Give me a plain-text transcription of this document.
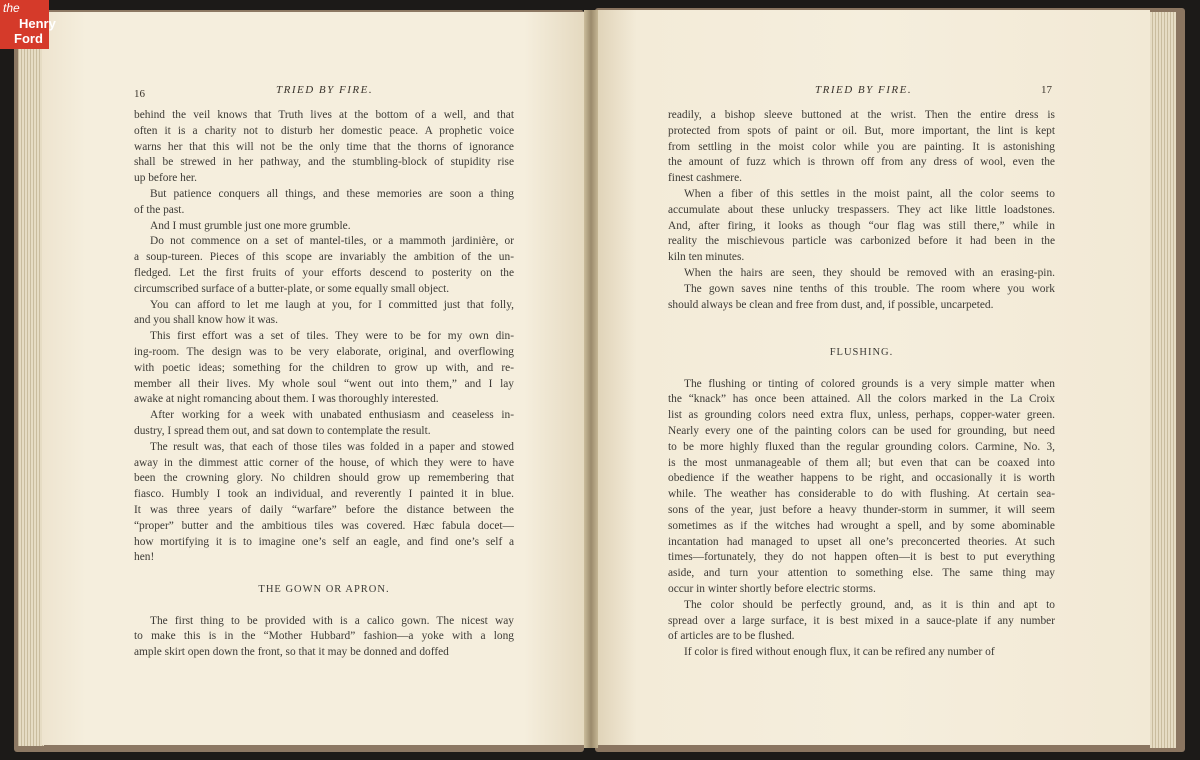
the
Henry
Ford
16	TRIED BY FIRE.	TRIED BY FIRE.	17
behind the veil knows that Truth lives at the bottom of a well, and that
often it is a charity not to disturb her domestic peace. A prophetic voice
warns her that this will not be the only time that the thorns of ignorance
shall be strewed in her pathway, and the stumbling-block of stupidity rise
up before her.
But patience conquers all things, and these memories are soon a thing
of the past.
And I must grumble just one more grumble.
Do not commence on a set of mantel-tiles, or a mammoth jardinière, or
a soup-tureen. Pieces of this scope are invariably the ambition of the un-
fledged. Let the first fruits of your efforts descend to posterity on the
circumscribed surface of a butter-plate, or some equally small object.
You can afford to let me laugh at you, for I committed just that folly,
and you shall know how it was.
This first effort was a set of tiles. They were to be for my own din-
ing-room. The design was to be very elaborate, original, and overflowing
with poetic ideas; something for the children to grow up with, and re-
member all their lives. My whole soul “went out into them,” and I lay
awake at night romancing about them. I was thoroughly interested.
After working for a week with unabated enthusiasm and ceaseless in-
dustry, I spread them out, and sat down to contemplate the result.
The result was, that each of those tiles was folded in a paper and stowed
away in the dimmest attic corner of the house, of which they were to have
been the crowning glory. No children should grow up remembering that
fiasco. Humbly I took an individual, and reverently I painted it in blue.
It was three years of daily “warfare” before the distance between the
“proper” butter and the ambitious tiles was covered. Hæc fabula docet—
how mortifying it is to imagine one’s self an eagle, and find one’s self a
hen!

THE GOWN OR APRON.

The first thing to be provided with is a calico gown. The nicest way
to make this is in the “Mother Hubbard” fashion—a yoke with a long
ample skirt open down the front, so that it may be donned and doffed
readily, a bishop sleeve buttoned at the wrist. Then the entire dress is
protected from spots of paint or oil. But, more important, the lint is kept
from settling in the moist color while you are painting. It is astonishing
the amount of fuzz which is thrown off from any dress of wool, even the
finest cashmere.
When a fiber of this settles in the moist paint, all the color seems to
accumulate about these unlucky trespassers. They act like little loadstones.
And, after firing, it looks as though “our flag was still there,” while in
reality the mischievous particle was carbonized before it had been in the
kiln ten minutes.
When the hairs are seen, they should be removed with an erasing-pin.
The gown saves nine tenths of this trouble. The room where you work
should always be clean and free from dust, and, if possible, uncarpeted.

FLUSHING.

The flushing or tinting of colored grounds is a very simple matter when
the “knack” has once been attained. All the colors marked in the La Croix
list as grounding colors need extra flux, unless, perhaps, copper-water green.
Nearly every one of the painting colors can be used for grounding, but need
to be more highly fluxed than the regular grounding colors. Carmine, No. 3,
is the most unmanageable of them all; but even that can be coaxed into
obedience if the weather happens to be right, and occasionally it is worth
while. The weather has considerable to do with flushing. At certain sea-
sons of the year, just before a heavy thunder-storm in summer, it will seem
sometimes as if the witches had wrought a spell, and by some abominable
incantation had managed to upset all one’s preconcerted theories. At such
times—fortunately, they do not happen often—it is best to put everything
aside, and turn your attention to something else. The same thing may
occur in winter shortly before electric storms.
The color should be perfectly ground, and, as it is thin and apt to
spread over a large surface, it is best mixed in a sauce-plate if any number
of articles are to be flushed.
If color is fired without enough flux, it can be refired any number of
